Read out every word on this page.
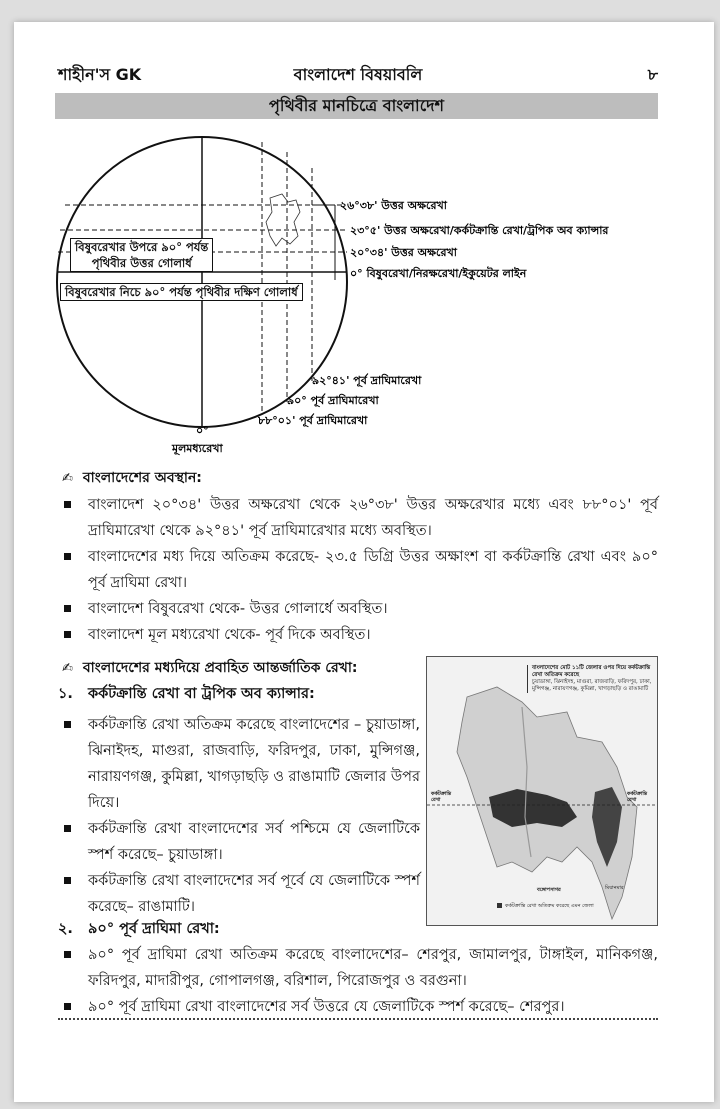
শাহীন'স GK	বাংলাদেশ বিষয়াবলি	৮
পৃথিবীর মানচিত্রে বাংলাদেশ
২৬°৩৮' উত্তর অক্ষরেখা
২৩°৫' উত্তর অক্ষরেখা/কর্কটক্রান্তি রেখা/ট্রপিক অব ক্যান্সার
২০°৩৪' উত্তর অক্ষরেখা
০° বিষুবরেখা/নিরক্ষরেখা/ইকুয়েটর লাইন
৯২°৪১' পূর্ব দ্রাঘিমারেখা
৯০° পূর্ব দ্রাঘিমারেখা
৮৮°০১' পূর্ব দ্রাঘিমারেখা
০°
মূলমধ্যরেখা
বিষুবরেখার উপরে ৯০° পর্যন্ত
পৃথিবীর উত্তর গোলার্ধ
বিষুবরেখার নিচে ৯০° পর্যন্ত পৃথিবীর দক্ষিণ গোলার্ধ
✍ বাংলাদেশের অবস্থান:
বাংলাদেশ ২০°৩৪' উত্তর অক্ষরেখা থেকে ২৬°৩৮' উত্তর অক্ষরেখার মধ্যে এবং ৮৮°০১' পূর্ব দ্রাঘিমারেখা থেকে ৯২°৪১' পূর্ব দ্রাঘিমারেখার মধ্যে অবস্থিত।
বাংলাদেশের মধ্য দিয়ে অতিক্রম করেছে- ২৩.৫ ডিগ্রি উত্তর অক্ষাংশ বা কর্কটক্রান্তি রেখা এবং ৯০° পূর্ব দ্রাঘিমা রেখা।
বাংলাদেশ বিষুবরেখা থেকে- উত্তর গোলার্ধে অবস্থিত।
বাংলাদেশ মূল মধ্যরেখা থেকে- পূর্ব দিকে অবস্থিত।
✍ বাংলাদেশের মধ্যদিয়ে প্রবাহিত আন্তর্জাতিক রেখা:
১. কর্কটক্রান্তি রেখা বা ট্রপিক অব ক্যান্সার:
কর্কটক্রান্তি রেখা অতিক্রম করেছে বাংলাদেশের – চুয়াডাঙ্গা, ঝিনাইদহ, মাগুরা, রাজবাড়ি, ফরিদপুর, ঢাকা, মুন্সিগঞ্জ, নারায়ণগঞ্জ, কুমিল্লা, খাগড়াছড়ি ও রাঙামাটি জেলার উপর দিয়ে।
কর্কটক্রান্তি রেখা বাংলাদেশের সর্ব পশ্চিমে যে জেলাটিকে স্পর্শ করেছে– চুয়াডাঙ্গা।
কর্কটক্রান্তি রেখা বাংলাদেশের সর্ব পূর্বে যে জেলাটিকে স্পর্শ করেছে– রাঙামাটি।
২. ৯০° পূর্ব দ্রাঘিমা রেখা:
৯০° পূর্ব দ্রাঘিমা রেখা অতিক্রম করেছে বাংলাদেশের– শেরপুর, জামালপুর, টাঙ্গাইল, মানিকগঞ্জ, ফরিদপুর, মাদারীপুর, গোপালগঞ্জ, বরিশাল, পিরোজপুর ও বরগুনা।
৯০° পূর্ব দ্রাঘিমা রেখা বাংলাদেশের সর্ব উত্তরে যে জেলাটিকে স্পর্শ করেছে– শেরপুর।
বাংলাদেশের মোট ১১টি জেলার ওপর দিয়ে কর্কটক্রান্তি রেখা অতিক্রম করেছে
চুয়াডাঙ্গা, ঝিনাইদহ, মাগুরা, রাজবাড়ি, ফরিদপুর, ঢাকা, মুন্সিগঞ্জ, নারায়ণগঞ্জ, কুমিল্লা, খাগড়াছড়ি ও রাঙামাটি
কর্কটক্রান্তি রেখা
কর্কটক্রান্তি রেখা
বঙ্গোপসাগর	মিয়ানমার
কর্কটক্রান্তি রেখা অতিক্রম করেছে এমন জেলা
